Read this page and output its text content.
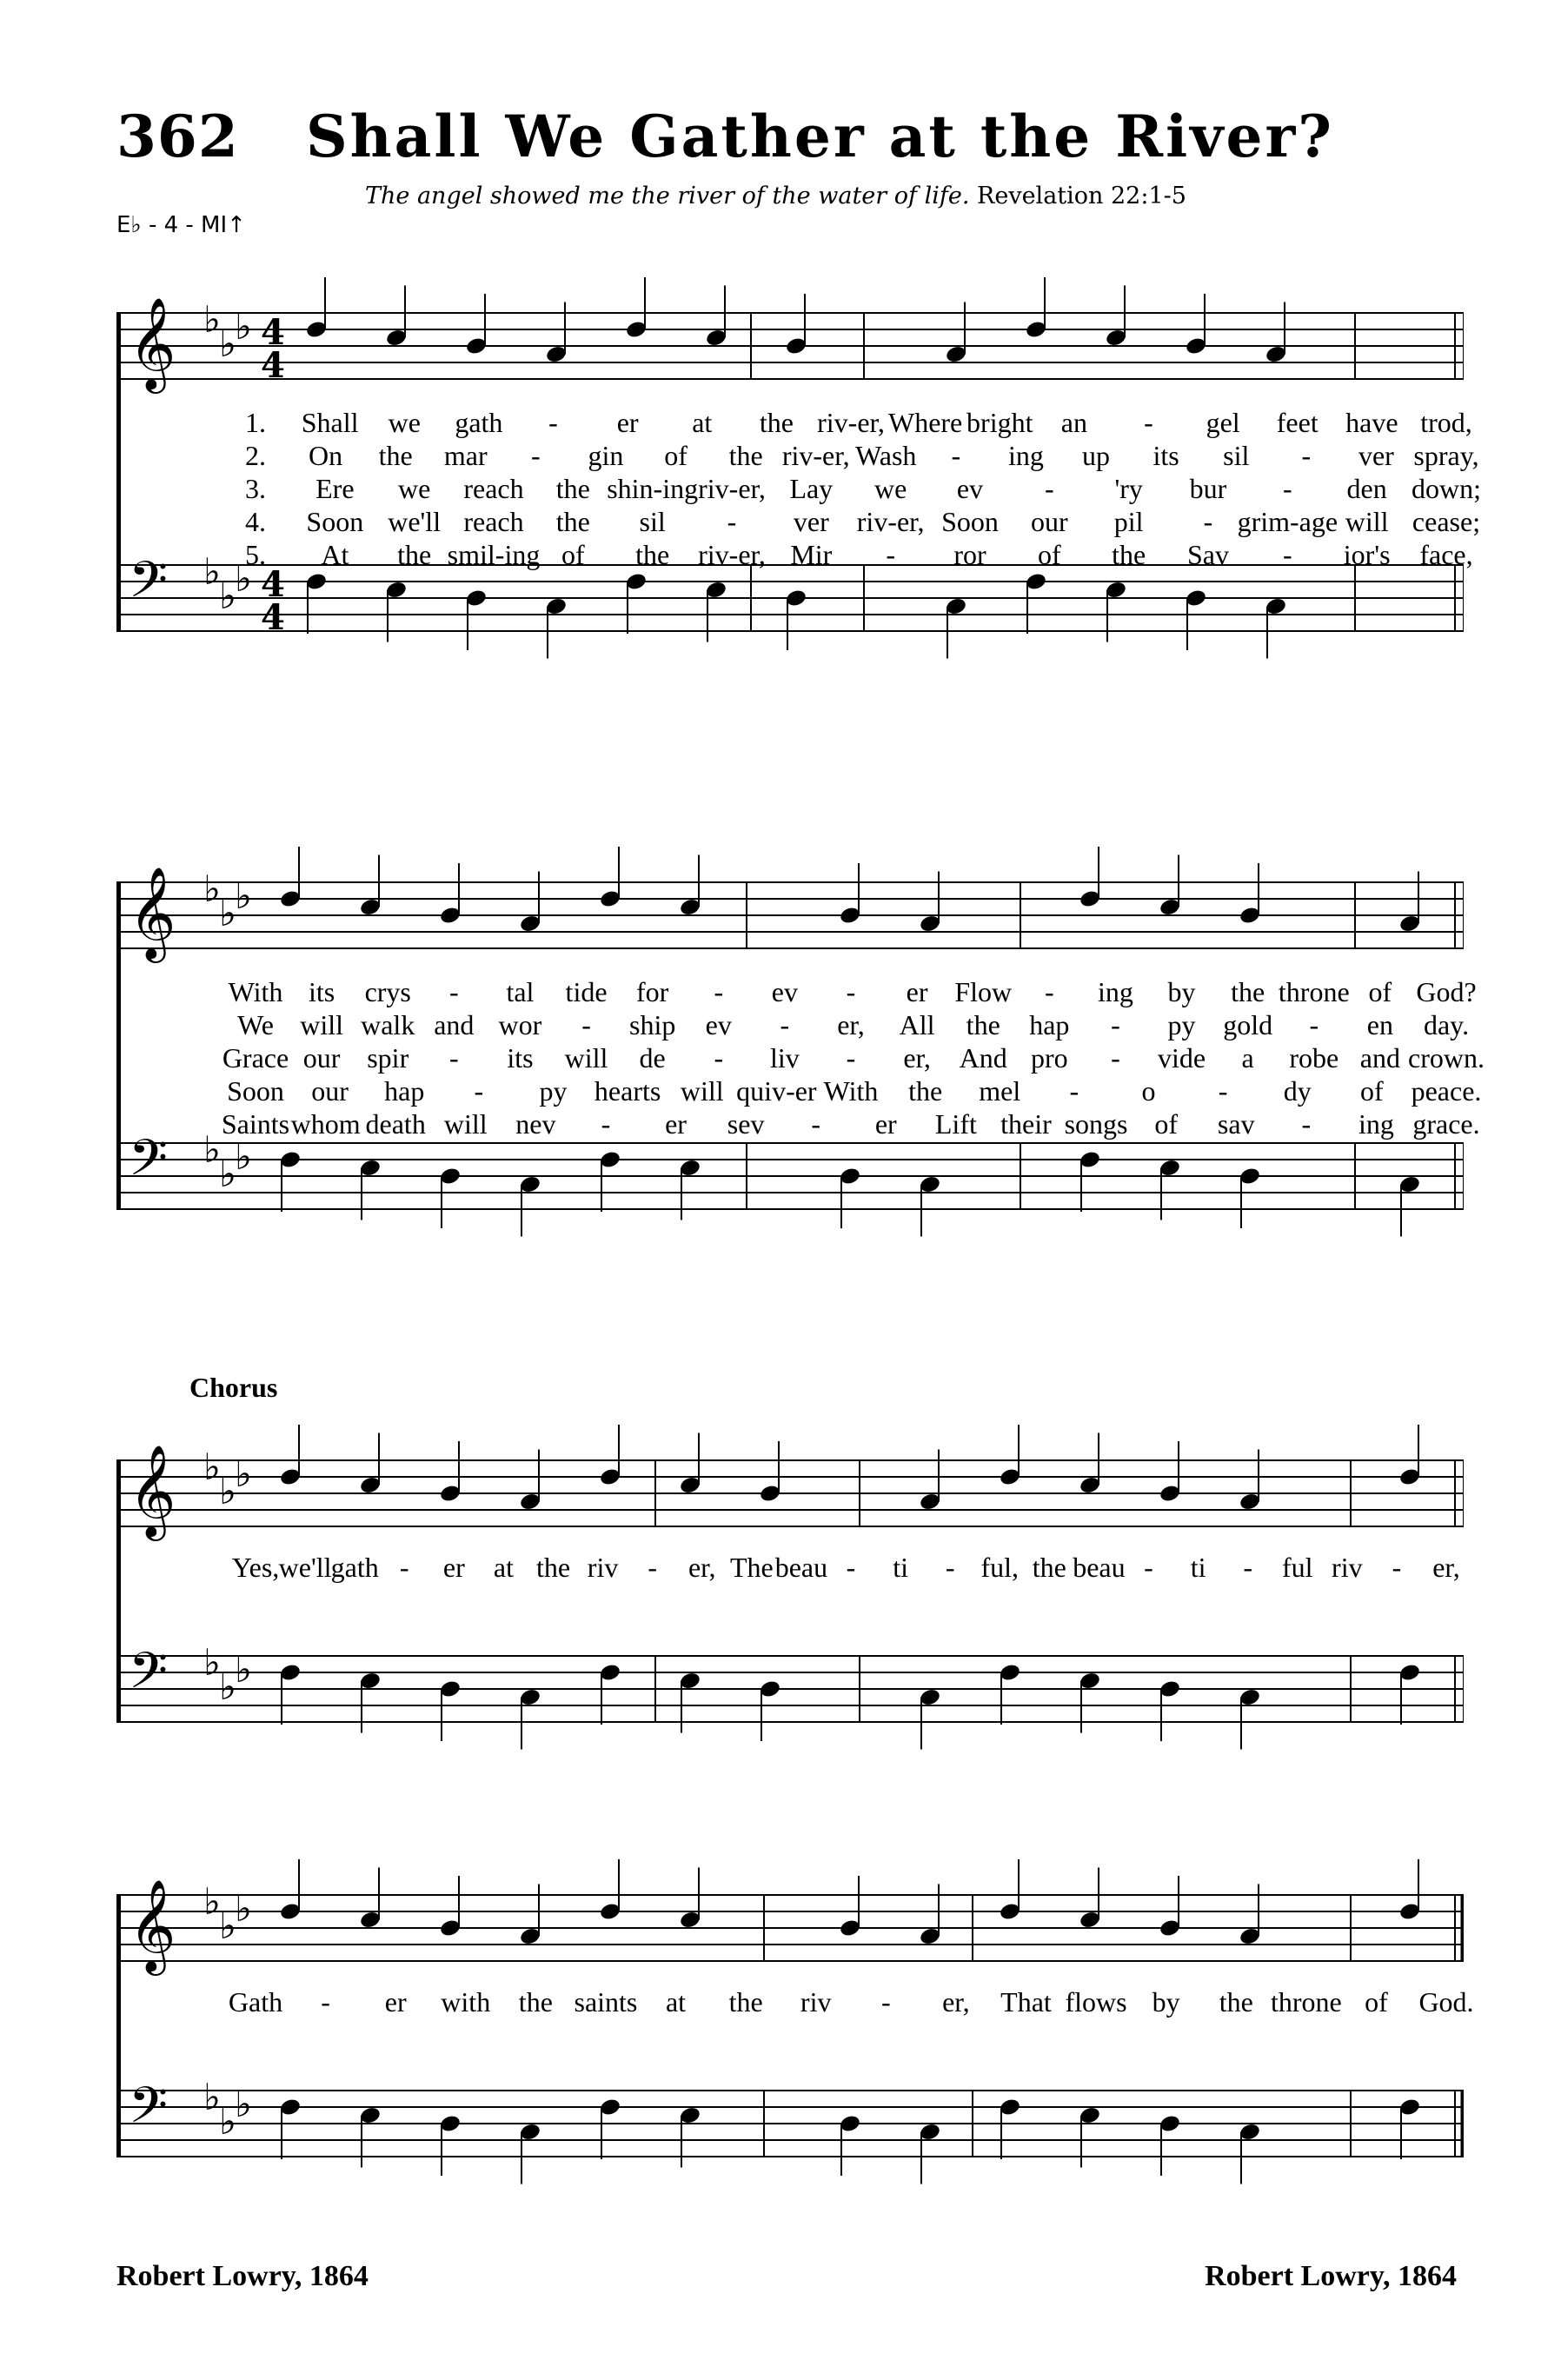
362 Shall We Gather at the River?
The angel showed me the river of the water of life. Revelation 22:1-5
E♭ - 4 - MI↑
𝄞
𝄢
♭
♭
♭
♭
♭
♭
4
4
4
4
1. Shall we gath - er at the riv-er, Where bright an - gel feet have trod,
2. On the mar - gin of the riv-er, Wash - ing up its sil - ver spray,
3. Ere we reach the shin-ing riv-er, Lay we ev - 'ry bur - den down;
4. Soon we'll reach the sil - ver riv-er, Soon our pil - grim-age will cease;
5. At the smil-ing of the riv-er, Mir - ror of the Sav - ior's face,
𝄞
𝄢
♭
♭
♭
♭
♭
♭
With its crys - tal tide for - ev - er Flow - ing by the throne of God?
We will walk and wor - ship ev - er, All the hap - py gold - en day.
Grace our spir - its will de - liv - er, And pro - vide a robe and crown.
Soon our hap - py hearts will quiv-er With the mel - o - dy of peace.
Saints whom death will nev - er sev - er Lift their songs of sav - ing grace.
Chorus
𝄞
𝄢
♭
♭
♭
♭
♭
♭
Yes, we'll gath - er at the riv - er, The beau - ti - ful, the beau - ti - ful riv - er,
𝄞
𝄢
♭
♭
♭
♭
♭
♭
Gath - er with the saints at the riv - er, That flows by the throne of God.
Robert Lowry, 1864	Robert Lowry, 1864
